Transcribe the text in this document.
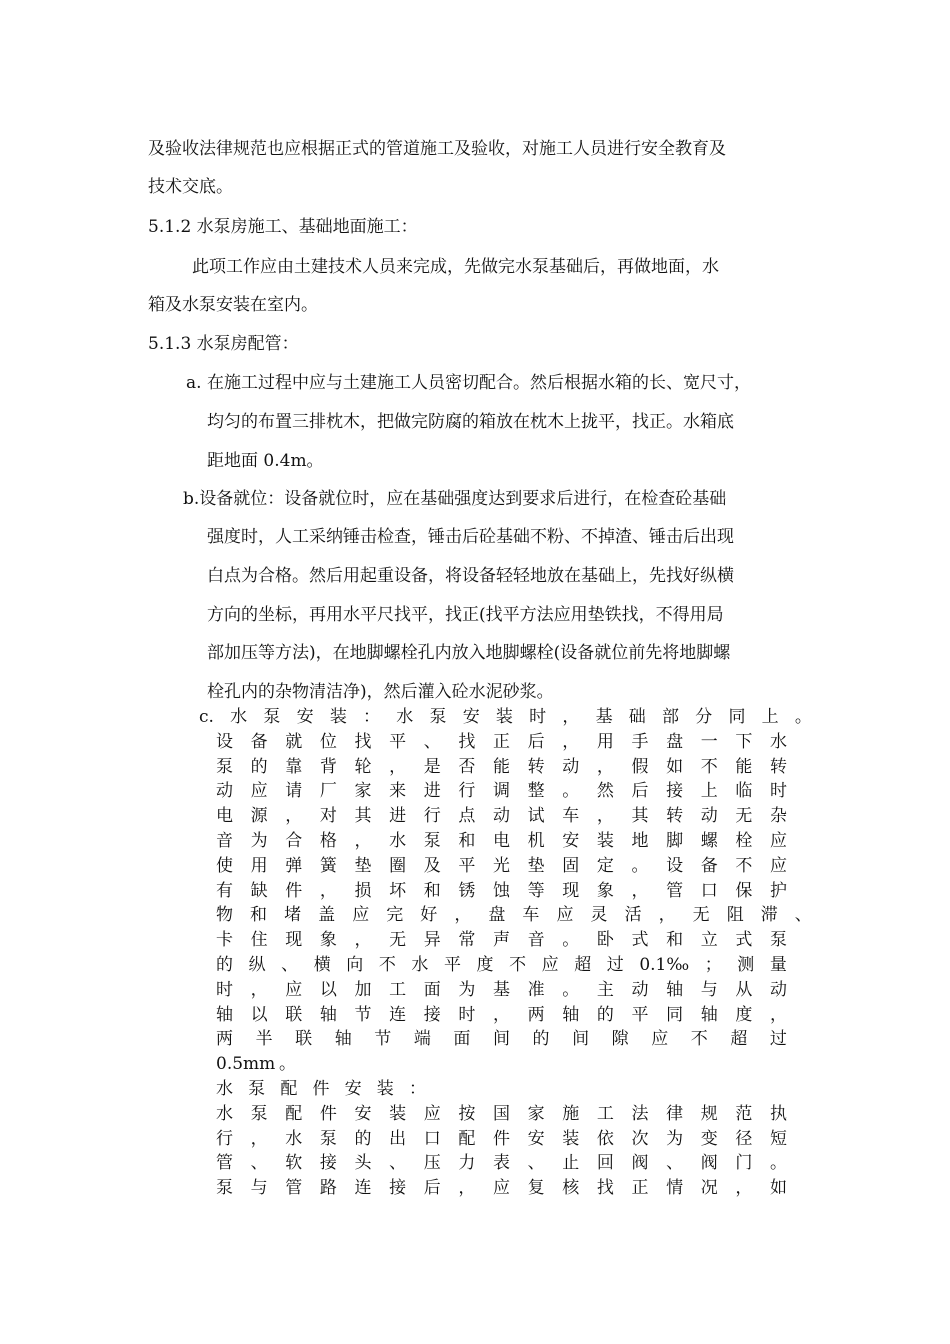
及验收法律规范也应根据正式的管道施工及验收，对施工人员进行安全教育及
技术交底。
5.1.2 水泵房施工、基础地面施工：
此项工作应由土建技术人员来完成，先做完水泵基础后，再做地面，水
箱及水泵安装在室内。
5.1.3 水泵房配管：
a. 在施工过程中应与土建施工人员密切配合。然后根据水箱的长、宽尺寸，
均匀的布置三排枕木，把做完防腐的箱放在枕木上拢平，找正。水箱底
距地面 0.4m。
b.设备就位：设备就位时，应在基础强度达到要求后进行，在检查砼基础
强度时，人工采纳锤击检查，锤击后砼基础不粉、不掉渣、锤击后出现
白点为合格。然后用起重设备，将设备轻轻地放在基础上，先找好纵横
方向的坐标，再用水平尺找平，找正(找平方法应用垫铁找，不得用局
部加压等方法)，在地脚螺栓孔内放入地脚螺栓(设备就位前先将地脚螺
栓孔内的杂物清洁净)，然后灌入砼水泥砂浆。
c. 水 泵 安 装 ： 水 泵 安 装 时 ， 基 础 部 分 同 上 。
设 备 就 位 找 平 、 找 正 后 ， 用 手 盘 一 下 水
泵 的 靠 背 轮 ， 是 否 能 转 动 ， 假 如 不 能 转
动 应 请 厂 家 来 进 行 调 整 。 然 后 接 上 临 时
电 源 ， 对 其 进 行 点 动 试 车 ， 其 转 动 无 杂
音 为 合 格 ， 水 泵 和 电 机 安 装 地 脚 螺 栓 应
使 用 弹 簧 垫 圈 及 平 光 垫 固 定 。 设 备 不 应
有 缺 件 ， 损 坏 和 锈 蚀 等 现 象 ， 管 口 保 护
物 和 堵 盖 应 完 好 ， 盘 车 应 灵 活 ， 无 阻 滞 、
卡 住 现 象 ， 无 异 常 声 音 。 卧 式 和 立 式 泵
的 纵 、 横 向 不 水 平 度 不 应 超 过 0.1‰ ； 测 量
时 ， 应 以 加 工 面 为 基 准 。 主 动 轴 与 从 动
轴 以 联 轴 节 连 接 时 ， 两 轴 的 平 同 轴 度 ，
两 半 联 轴 节 端 面 间 的 间 隙 应 不 超 过
0.5mm 。
水 泵 配 件 安 装 ：
水 泵 配 件 安 装 应 按 国 家 施 工 法 律 规 范 执
行 ， 水 泵 的 出 口 配 件 安 装 依 次 为 变 径 短
管 、 软 接 头 、 压 力 表 、 止 回 阀 、 阀 门 。
泵 与 管 路 连 接 后 ， 应 复 核 找 正 情 况 ， 如
